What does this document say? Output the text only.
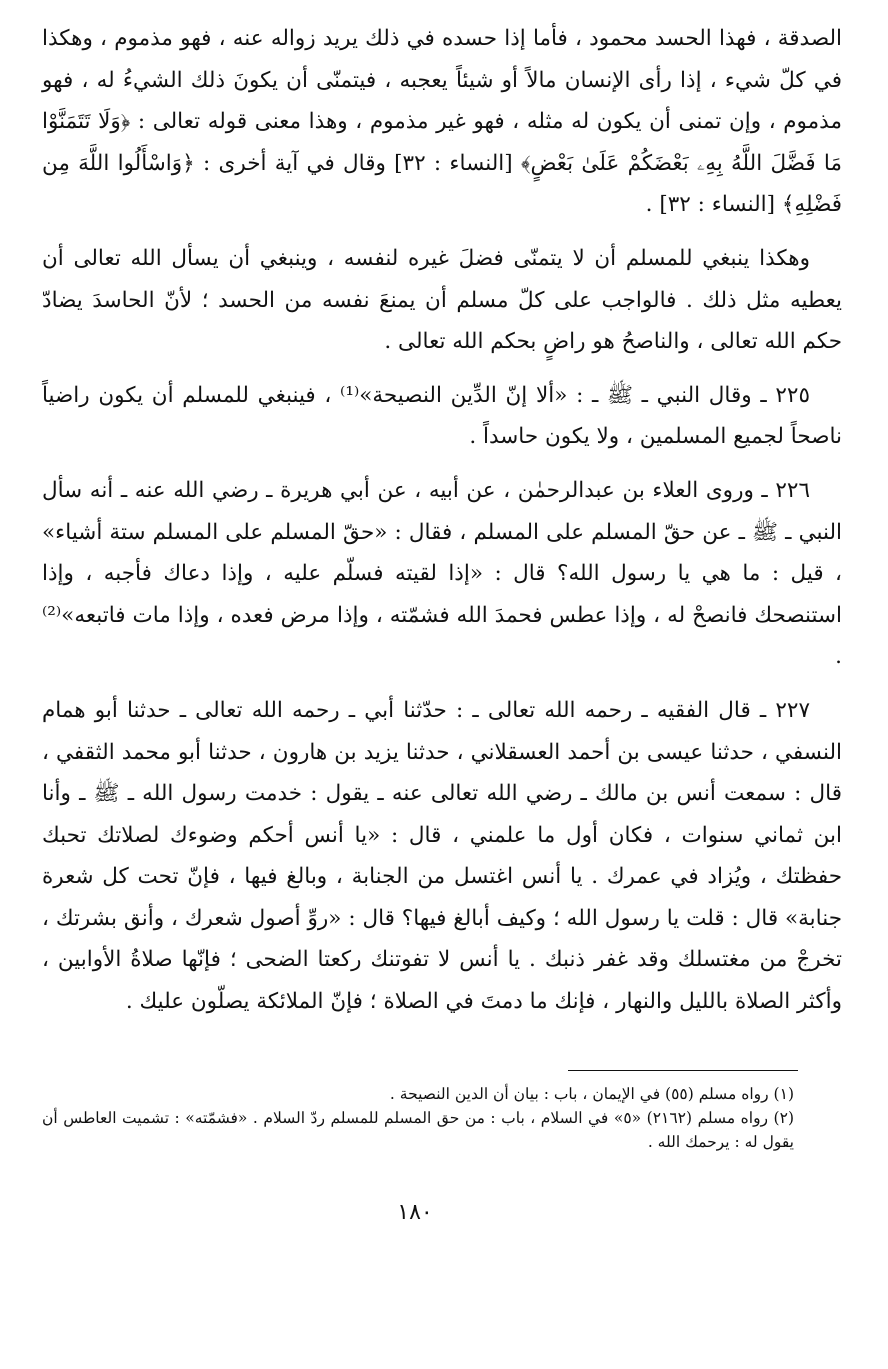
الصدقة ، فهذا الحسد محمود ، فأما إذا حسده في ذلك يريد زواله عنه ، فهو مذموم ، وهكذا في كلّ شيء ، إذا رأى الإنسان مالاً أو شيئاً يعجبه ، فيتمنّى أن يكونَ ذلك الشيءُ له ، فهو مذموم ، وإن تمنى أن يكون له مثله ، فهو غير مذموم ، وهذا معنى قوله تعالى : ﴿وَلَا تَتَمَنَّوْا مَا فَضَّلَ اللَّهُ بِهِۦ بَعْضَكُمْ عَلَىٰ بَعْضٍ﴾ [النساء : ٣٢] وقال في آية أخرى : ﴿وَاسْأَلُوا اللَّهَ مِن فَضْلِهِ﴾ [النساء : ٣٢] .

وهكذا ينبغي للمسلم أن لا يتمنّى فضلَ غيره لنفسه ، وينبغي أن يسأل الله تعالى أن يعطيه مثل ذلك . فالواجب على كلّ مسلم أن يمنعَ نفسه من الحسد ؛ لأنّ الحاسدَ يضادّ حكم الله تعالى ، والناصحُ هو راضٍ بحكم الله تعالى .

٢٢٥ ـ وقال النبي ـ ﷺ ـ : «ألا إنّ الدِّين النصيحة»⁽¹⁾ ، فينبغي للمسلم أن يكون راضياً ناصحاً لجميع المسلمين ، ولا يكون حاسداً .

٢٢٦ ـ وروى العلاء بن عبدالرحمٰن ، عن أبيه ، عن أبي هريرة ـ رضي الله عنه ـ أنه سأل النبي ـ ﷺ ـ عن حقّ المسلم على المسلم ، فقال : «حقّ المسلم على المسلم ستة أشياء» ، قيل : ما هي يا رسول الله؟ قال : «إذا لقيته فسلّم عليه ، وإذا دعاك فأجبه ، وإذا استنصحك فانصحْ له ، وإذا عطس فحمدَ الله فشمّته ، وإذا مرض فعده ، وإذا مات فاتبعه»⁽²⁾ .

٢٢٧ ـ قال الفقيه ـ رحمه الله تعالى ـ : حدّثنا أبي ـ رحمه الله تعالى ـ حدثنا أبو همام النسفي ، حدثنا عيسى بن أحمد العسقلاني ، حدثنا يزيد بن هارون ، حدثنا أبو محمد الثقفي ، قال : سمعت أنس بن مالك ـ رضي الله تعالى عنه ـ يقول : خدمت رسول الله ـ ﷺ ـ وأنا ابن ثماني سنوات ، فكان أول ما علمني ، قال : «يا أنس أحكم وضوءك لصلاتك تحبك حفظتك ، ويُزاد في عمرك . يا أنس اغتسل من الجنابة ، وبالغ فيها ، فإنّ تحت كل شعرة جنابة» قال : قلت يا رسول الله ؛ وكيف أبالغ فيها؟ قال : «روِّ أصول شعرك ، وأنق بشرتك ، تخرجْ من مغتسلك وقد غفر ذنبك . يا أنس لا تفوتنك ركعتا الضحى ؛ فإنّها صلاةُ الأوابين ، وأكثر الصلاة بالليل والنهار ، فإنك ما دمتَ في الصلاة ؛ فإنّ الملائكة يصلّون عليك .

(١) رواه مسلم (٥٥) في الإيمان ، باب : بيان أن الدين النصيحة .

(٢) رواه مسلم (٢١٦٢) «٥» في السلام ، باب : من حق المسلم للمسلم ردّ السلام . «فشمّته» : تشميت العاطس أن يقول له : يرحمك الله .

١٨٠
